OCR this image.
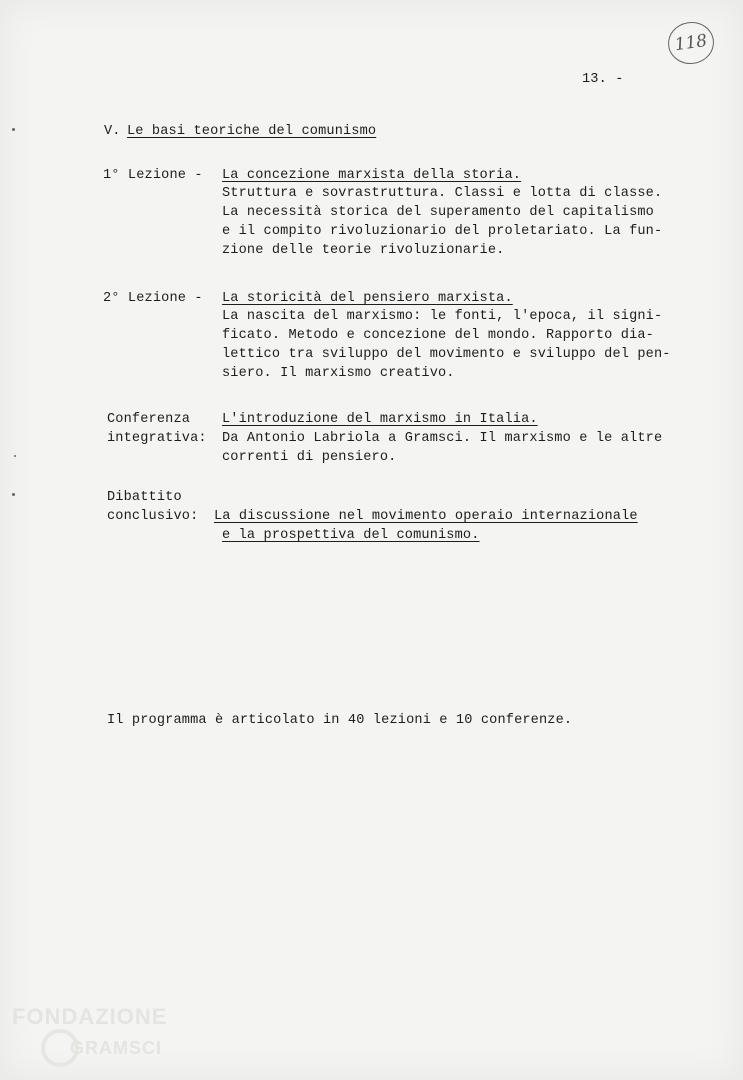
118
13. -
V. Le basi teoriche del comunismo
1° Lezione - La concezione marxista della storia.
Struttura e sovrastruttura. Classi e lotta di classe.
La necessità storica del superamento del capitalismo
e il compito rivoluzionario del proletariato. La fun-
zione delle teorie rivoluzionarie.
2° Lezione - La storicità del pensiero marxista.
La nascita del marxismo: le fonti, l'epoca, il signi-
ficato. Metodo e concezione del mondo. Rapporto dia-
lettico tra sviluppo del movimento e sviluppo del pen-
siero. Il marxismo creativo.
Conferenza
integrativa:
L'introduzione del marxismo in Italia.
Da Antonio Labriola a Gramsci. Il marxismo e le altre
correnti di pensiero.
Dibattito
conclusivo: La discussione nel movimento operaio internazionale
e la prospettiva del comunismo.
Il programma è articolato in 40 lezioni e 10 conferenze.
FONDAZIONE
GRAMSCI
